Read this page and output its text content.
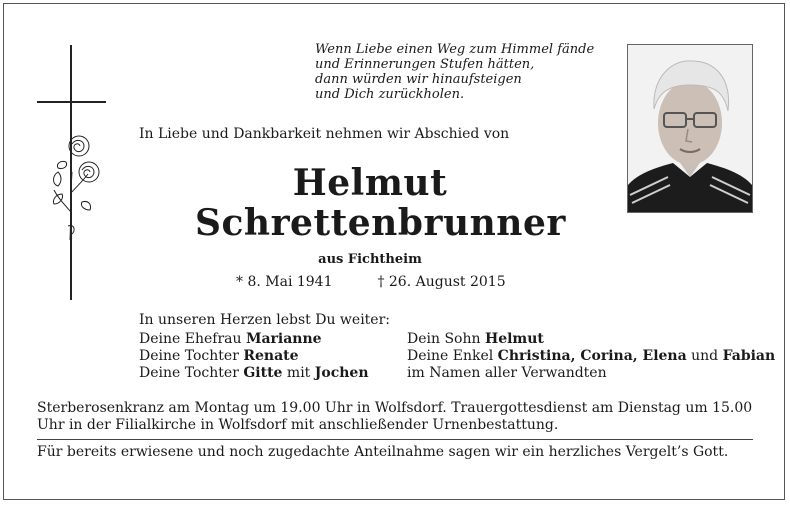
Wenn Liebe einen Weg zum Himmel fände
und Erinnerungen Stufen hätten,
dann würden wir hinaufsteigen
und Dich zurückholen.
In Liebe und Dankbarkeit nehmen wir Abschied von
Helmut
Schrettenbrunner
aus Fichtheim
* 8. Mai 1941	† 26. August 2015
In unseren Herzen lebst Du weiter:
Deine Ehefrau Marianne
Deine Tochter Renate
Deine Tochter Gitte mit Jochen
Dein Sohn Helmut
Deine Enkel Christina, Corina, Elena und Fabian
im Namen aller Verwandten
Sterberosenkranz am Montag um 19.00 Uhr in Wolfsdorf. Trauergottesdienst am Dienstag um 15.00 Uhr in der Filialkirche in Wolfsdorf mit anschließender Urnenbestattung.
Für bereits erwiesene und noch zugedachte Anteilnahme sagen wir ein herzliches Vergelt’s Gott.
